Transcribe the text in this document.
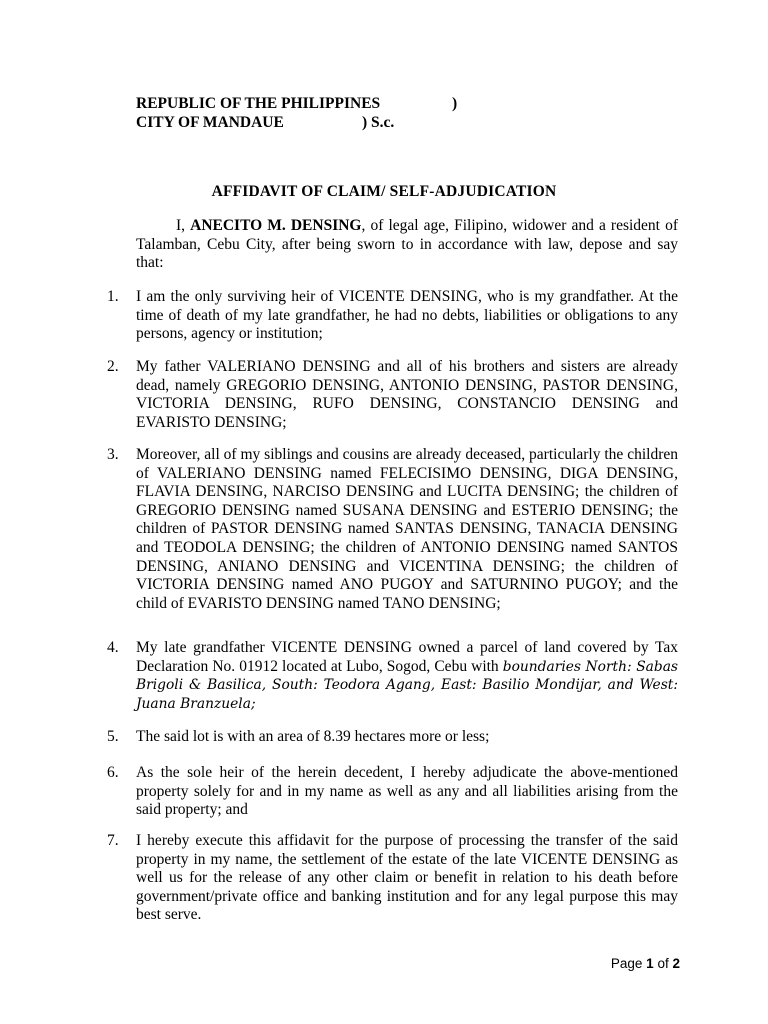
REPUBLIC OF THE PHILIPPINES	)
CITY OF MANDAUE	) S.c.
AFFIDAVIT OF CLAIM/ SELF-ADJUDICATION
I, ANECITO M. DENSING, of legal age, Filipino, widower and a resident of Talamban, Cebu City, after being sworn to in accordance with law, depose and say that:
1. I am the only surviving heir of VICENTE DENSING, who is my grandfather. At the time of death of my late grandfather, he had no debts, liabilities or obligations to any persons, agency or institution;
2. My father VALERIANO DENSING and all of his brothers and sisters are already dead, namely GREGORIO DENSING, ANTONIO DENSING, PASTOR DENSING, VICTORIA DENSING, RUFO DENSING, CONSTANCIO DENSING and EVARISTO DENSING;
3. Moreover, all of my siblings and cousins are already deceased, particularly the children of VALERIANO DENSING named FELECISIMO DENSING, DIGA DENSING, FLAVIA DENSING, NARCISO DENSING and LUCITA DENSING; the children of GREGORIO DENSING named SUSANA DENSING and ESTERIO DENSING; the children of PASTOR DENSING named SANTAS DENSING, TANACIA DENSING and TEODOLA DENSING; the children of ANTONIO DENSING named SANTOS DENSING, ANIANO DENSING and VICENTINA DENSING; the children of VICTORIA DENSING named ANO PUGOY and SATURNINO PUGOY; and the child of EVARISTO DENSING named TANO DENSING;
4. My late grandfather VICENTE DENSING owned a parcel of land covered by Tax Declaration No. 01912 located at Lubo, Sogod, Cebu with boundaries North: Sabas Brigoli & Basilica, South: Teodora Agang, East: Basilio Mondijar, and West: Juana Branzuela;
5. The said lot is with an area of 8.39 hectares more or less;
6. As the sole heir of the herein decedent, I hereby adjudicate the above-mentioned property solely for and in my name as well as any and all liabilities arising from the said property; and
7. I hereby execute this affidavit for the purpose of processing the transfer of the said property in my name, the settlement of the estate of the late VICENTE DENSING as well us for the release of any other claim or benefit in relation to his death before government/private office and banking institution and for any legal purpose this may best serve.
Page 1 of 2
